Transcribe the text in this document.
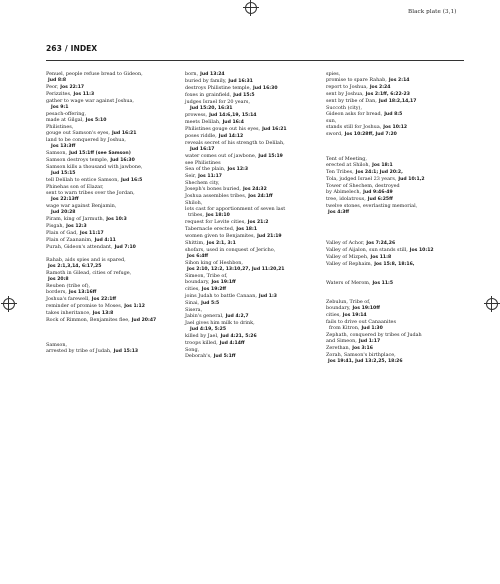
Black plate (3,1)
263 / INDEX
Penuel, people refuse bread to Gideon,
Jud 8:8
Peor, Jos 22:17
Perizzites, Jos 11:3
gather to wage war against Joshua,
Jos 9:1
pesach-offering,
made at Gilgal, Jos 5:10
Philistines,
gouge out Samson's eyes, Jud 16:21
land to be conquered by Joshua,
Jos 13:3ff
Samson, Jud 15:1ff (see Samson)
Samson destroys temple, Jud 16:30
Samson kills a thousand with jawbone,
Jud 15:15
tell Delilah to entice Samson, Jud 16:5
Phinehas son of Elazar,
sent to warn tribes over the Jordan,
Jos 22:13ff
wage war against Benjamin,
Jud 20:28
Piram, king of Jarmuth, Jos 10:3
Pisgah, Jos 12:3
Plain of Gad, Jos 11:17
Plain of Zaananim, Jud 4:11
Purah, Gideon's attendant, Jud 7:10
Rahab, aids spies and is spared,
Jos 2:1,3,14, 6:17,25
Ramoth in Gilead, cities of refuge,
Jos 20:8
Reuben (tribe of),
borders, Jos 13:16ff
Joshua's farewell, Jos 22:1ff
reminder of promise to Moses, Jos 1:12
takes inheritance, Jos 13:8
Rock of Rimmon, Benjamites flee, Jud 20:47
Samson,
arrested by tribe of Judah, Jud 15:13
born, Jud 13:24
buried by family, Jud 16:31
destroys Philistine temple, Jud 16:30
foxes in grainfield, Jud 15:5
judges Israel for 20 years,
Jud 15:20, 16:31
prowess, Jud 14:6,19, 15:14
meets Delilah, Jud 16:4
Philistines gouge out his eyes, Jud 16:21
poses riddle, Jud 14:12
reveals secret of his strength to Delilah,
Jud 16:17
water comes out of jawbone, Jud 15:19
see Philistines
Sea of the plain, Jos 12:3
Seir, Jos 11:17
Shechem city,
Joseph's bones buried, Jos 24:32
Joshua assembles tribes, Jos 24:1ff
Shiloh,
lots cast for apportionment of seven last
tribes, Jos 18:10
request for Levite cities, Jos 21:2
Tabernacle erected, Jos 18:1
women given to Benjamites, Jud 21:19
Shittim, Jos 2:1, 3:1
shofars, used in conquest of Jericho,
Jos 6:4ff
Sihon king of Heshbon,
Jos 2:10, 12:2, 13:10,27, Jud 11:20,21
Simeon, Tribe of,
boundary, Jos 19:1ff
cities, Jos 19:2ff
joins Judah to battle Canaan, Jud 1:3
Sinai, Jud 5:5
Sisera,
Jabin's general, Jud 4:2,7
Jael gives him milk to drink,
Jud 4:19, 5:25
killed by Jael, Jud 4:21, 5:26
troops killed, Jud 4:14ff
Song,
Deborah's, Jud 5:1ff
spies,
promise to spare Rahab, Jos 2:14
report to Joshua, Jos 2:24
sent by Joshua, Jos 2:1ff, 6:22-23
sent by tribe of Dan, Jud 18:2,14,17
Succoth (city),
Gideon asks for bread, Jud 8:5
sun,
stands still for Joshua, Jos 10:12
sword, Jos 10:28ff, Jud 7:20
Tent of Meeting,
erected at Shiloh, Jos 18:1
Ten Tribes, Jos 24:1; Jud 20:2,
Tola, judged Israel 23 years, Jud 10:1,2
Tower of Shechem, destroyed
by Abimelech, Jud 9:46-49
tree, idolatrous, Jud 6:25ff
twelve stones, everlasting memorial,
Jos 4:3ff
Valley of Achor, Jos 7:24,26
Valley of Aijalon, sun stands still, Jos 10:12
Valley of Mizpeh, Jos 11:8
Valley of Rephaim, Jos 15:8, 18:16,
Waters of Merom, Jos 11:5
Zebulun, Tribe of,
boundary, Jos 19:10ff
cities, Jos 19:14
fails to drive out Canaanites
from Kitron, Jud 1:30
Zephath, conquered by tribes of Judah
and Simeon, Jud 1:17
Zerethan, Jos 3:16
Zorah, Samson's birthplace,
Jos 19:41, Jud 13:2,25, 18:26
